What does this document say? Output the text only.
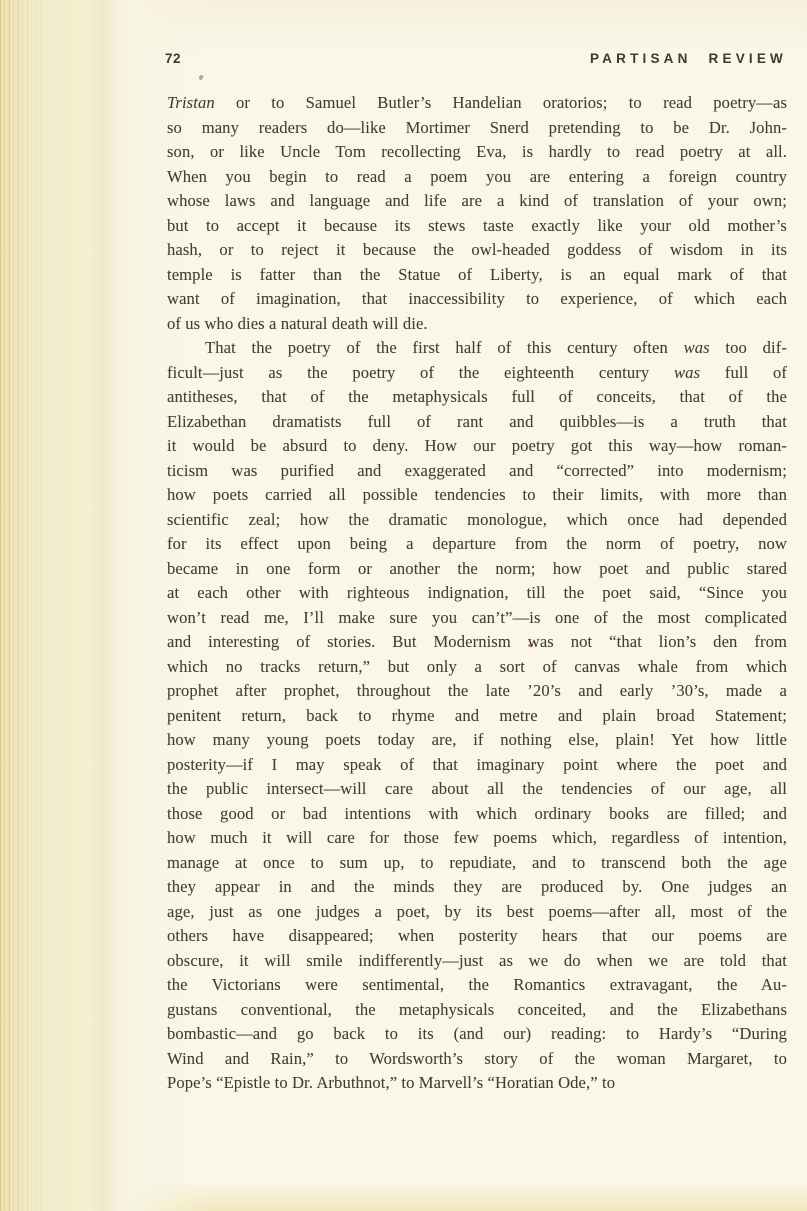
72	PARTISAN REVIEW
Tristan or to Samuel Butler’s Handelian oratorios; to read poetry—as
so many readers do—like Mortimer Snerd pretending to be Dr. John-
son, or like Uncle Tom recollecting Eva, is hardly to read poetry at all.
When you begin to read a poem you are entering a foreign country
whose laws and language and life are a kind of translation of your own;
but to accept it because its stews taste exactly like your old mother’s
hash, or to reject it because the owl-headed goddess of wisdom in its
temple is fatter than the Statue of Liberty, is an equal mark of that
want of imagination, that inaccessibility to experience, of which each
of us who dies a natural death will die.
That the poetry of the first half of this century often was too dif-
ficult—just as the poetry of the eighteenth century was full of
antitheses, that of the metaphysicals full of conceits, that of the
Elizabethan dramatists full of rant and quibbles—is a truth that
it would be absurd to deny. How our poetry got this way—how roman-
ticism was purified and exaggerated and “corrected” into modernism;
how poets carried all possible tendencies to their limits, with more than
scientific zeal; how the dramatic monologue, which once had depended
for its effect upon being a departure from the norm of poetry, now
became in one form or another the norm; how poet and public stared
at each other with righteous indignation, till the poet said, “Since you
won’t read me, I’ll make sure you can’t”—is one of the most complicated
and interesting of stories. But Modernism was not “that lion’s den from
which no tracks return,” but only a sort of canvas whale from which
prophet after prophet, throughout the late ’20’s and early ’30’s, made a
penitent return, back to rhyme and metre and plain broad Statement;
how many young poets today are, if nothing else, plain! Yet how little
posterity—if I may speak of that imaginary point where the poet and
the public intersect—will care about all the tendencies of our age, all
those good or bad intentions with which ordinary books are filled; and
how much it will care for those few poems which, regardless of intention,
manage at once to sum up, to repudiate, and to transcend both the age
they appear in and the minds they are produced by. One judges an
age, just as one judges a poet, by its best poems—after all, most of the
others have disappeared; when posterity hears that our poems are
obscure, it will smile indifferently—just as we do when we are told that
the Victorians were sentimental, the Romantics extravagant, the Au-
gustans conventional, the metaphysicals conceited, and the Elizabethans
bombastic—and go back to its (and our) reading: to Hardy’s “During
Wind and Rain,” to Wordsworth’s story of the woman Margaret, to
Pope’s “Epistle to Dr. Arbuthnot,” to Marvell’s “Horatian Ode,” to
